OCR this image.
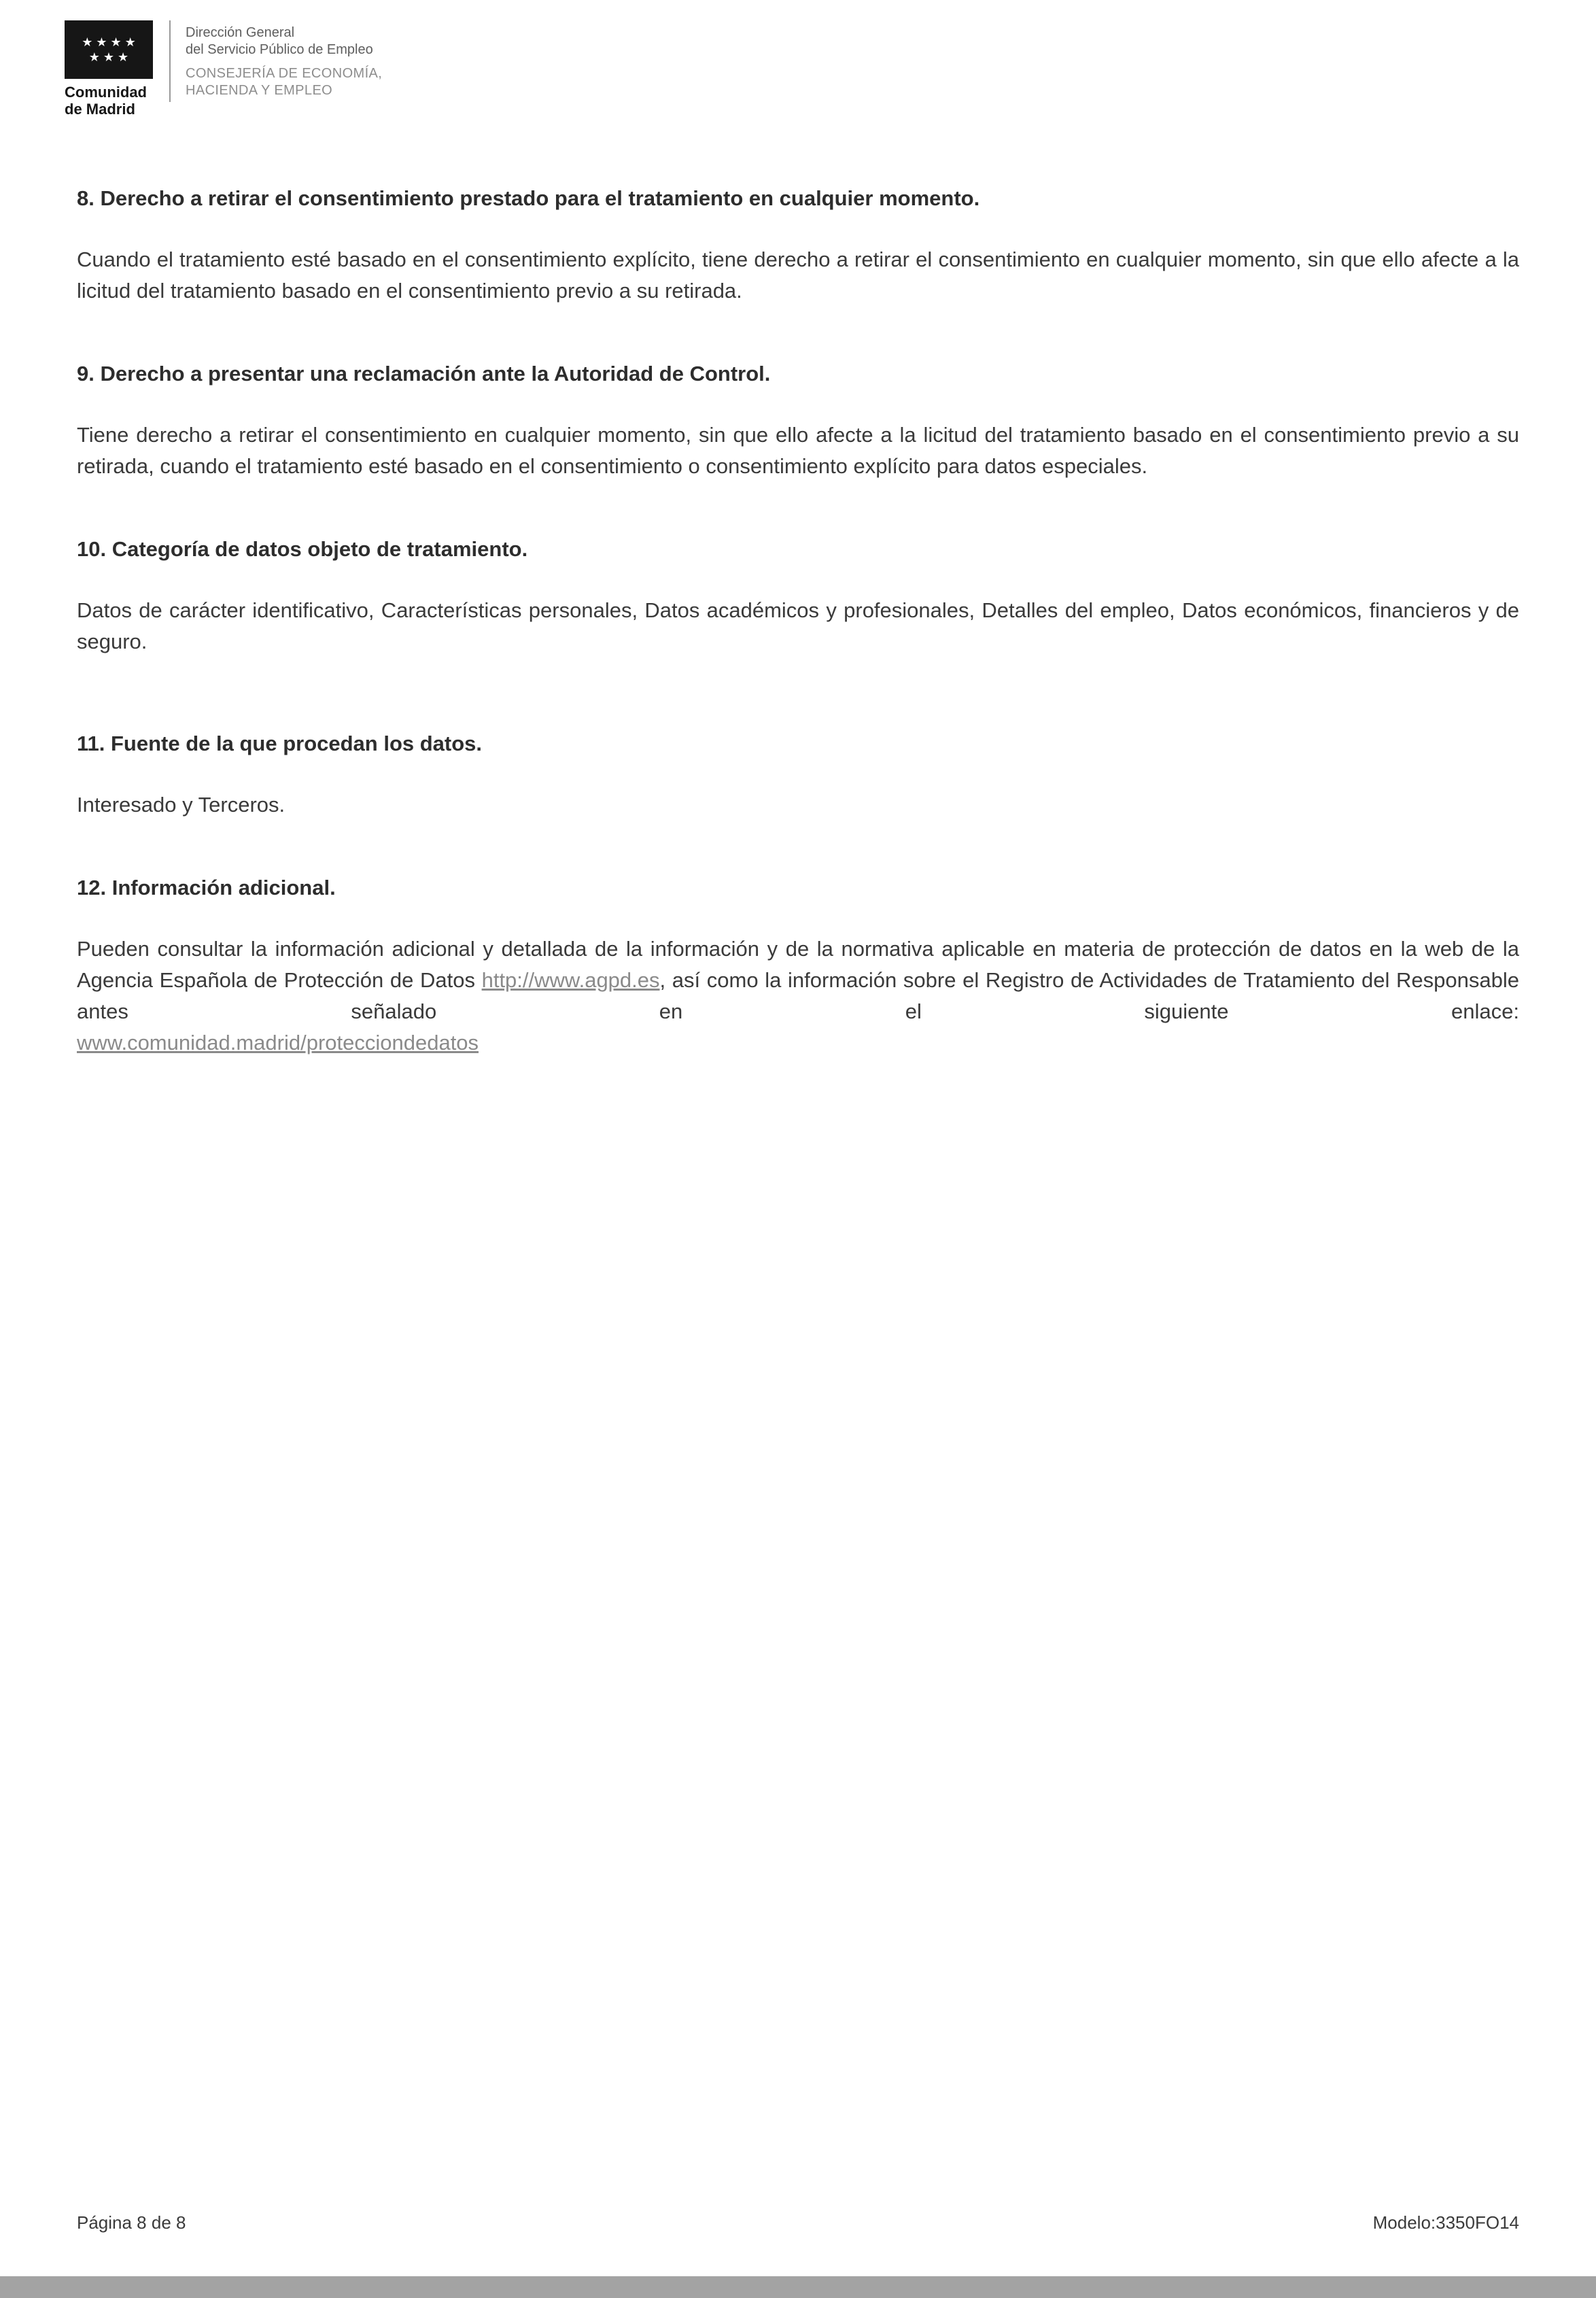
★ ★ ★ ★
★ ★ ★
Comunidad
de Madrid
Dirección General
del Servicio Público de Empleo
CONSEJERÍA DE ECONOMÍA,
HACIENDA Y EMPLEO
8. Derecho a retirar el consentimiento prestado para el tratamiento en cualquier momento.

Cuando el tratamiento esté basado en el consentimiento explícito, tiene derecho a retirar el consentimiento en cualquier momento, sin que ello afecte a la licitud del tratamiento basado en el consentimiento previo a su retirada.

9. Derecho a presentar una reclamación ante la Autoridad de Control.

Tiene derecho a retirar el consentimiento en cualquier momento, sin que ello afecte a la licitud del tratamiento basado en el consentimiento previo a su retirada, cuando el tratamiento esté basado en el consentimiento o consentimiento explícito para datos especiales.

10. Categoría de datos objeto de tratamiento.

Datos de carácter identificativo, Características personales, Datos académicos y profesionales, Detalles del empleo, Datos económicos, financieros y de seguro.

11. Fuente de la que procedan los datos.

Interesado y Terceros.

12. Información adicional.

Pueden consultar la información adicional y detallada de la información y de la normativa aplicable en materia de protección de datos en la web de la Agencia Española de Protección de Datos http://www.agpd.es, así como la información sobre el Registro de Actividades de Tratamiento del Responsable antes señalado en el siguiente enlace:

www.comunidad.madrid/protecciondedatos
Página 8 de 8	Modelo:3350FO14
